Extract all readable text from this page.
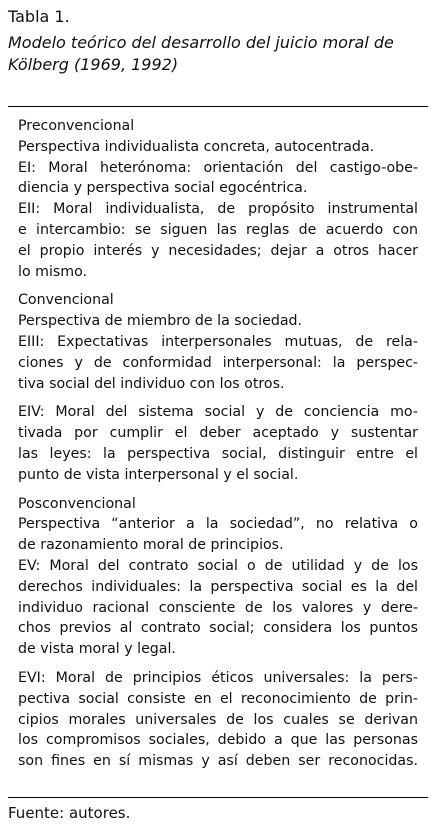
Tabla 1.
Modelo teórico del desarrollo del juicio moral de
Kölberg (1969, 1992)
Preconvencional
Perspectiva individualista concreta, autocentrada.
EI: Moral heterónoma: orientación del castigo-obe-
diencia y perspectiva social egocéntrica.
EII: Moral individualista, de propósito instrumental
e intercambio: se siguen las reglas de acuerdo con
el propio interés y necesidades; dejar a otros hacer
lo mismo.
Convencional
Perspectiva de miembro de la sociedad.
EIII: Expectativas interpersonales mutuas, de rela-
ciones y de conformidad interpersonal: la perspec-
tiva social del individuo con los otros.
EIV: Moral del sistema social y de conciencia mo-
tivada por cumplir el deber aceptado y sustentar
las leyes: la perspectiva social, distinguir entre el
punto de vista interpersonal y el social.
Posconvencional
Perspectiva “anterior a la sociedad”, no relativa o
de razonamiento moral de principios.
EV: Moral del contrato social o de utilidad y de los
derechos individuales: la perspectiva social es la del
individuo racional consciente de los valores y dere-
chos previos al contrato social; considera los puntos
de vista moral y legal.
EVI: Moral de principios éticos universales: la pers-
pectiva social consiste en el reconocimiento de prin-
cipios morales universales de los cuales se derivan
los compromisos sociales, debido a que las personas
son fines en sí mismas y así deben ser reconocidas.
Fuente: autores.
